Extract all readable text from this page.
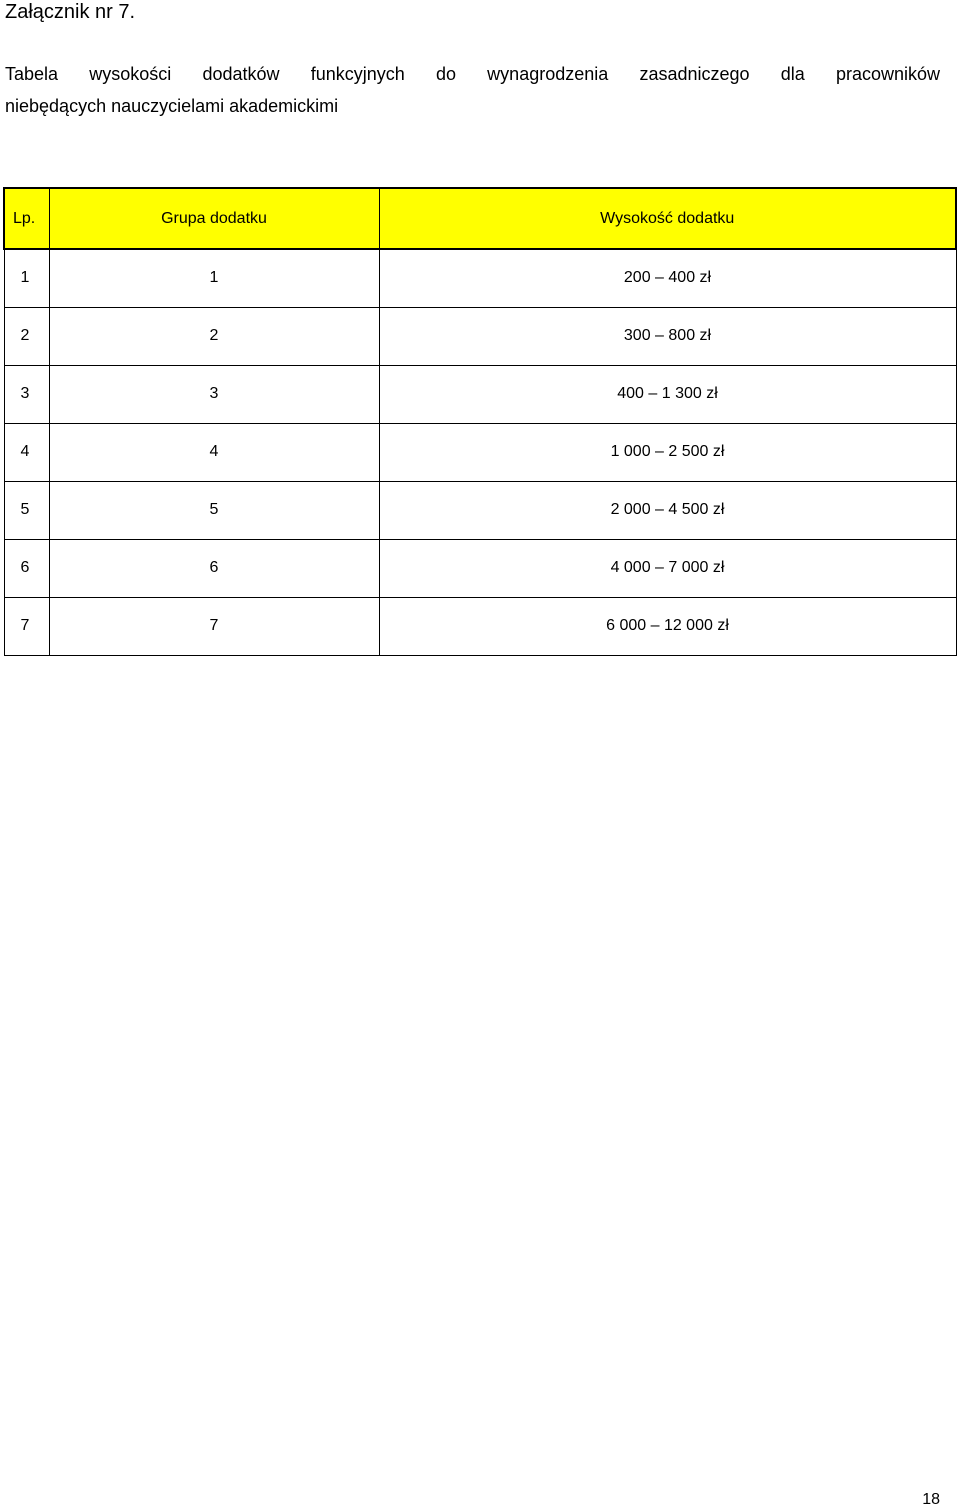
Załącznik nr 7.
Tabela wysokości dodatków funkcyjnych do wynagrodzenia zasadniczego dla pracowników
niebędących nauczycielami akademickimi
Lp.	Grupa dodatku	Wysokość dodatku
1	1	200 – 400 zł
2	2	300 – 800 zł
3	3	400 – 1 300 zł
4	4	1 000 – 2 500 zł
5	5	2 000 – 4 500 zł
6	6	4 000 – 7 000 zł
7	7	6 000 – 12 000 zł
18
